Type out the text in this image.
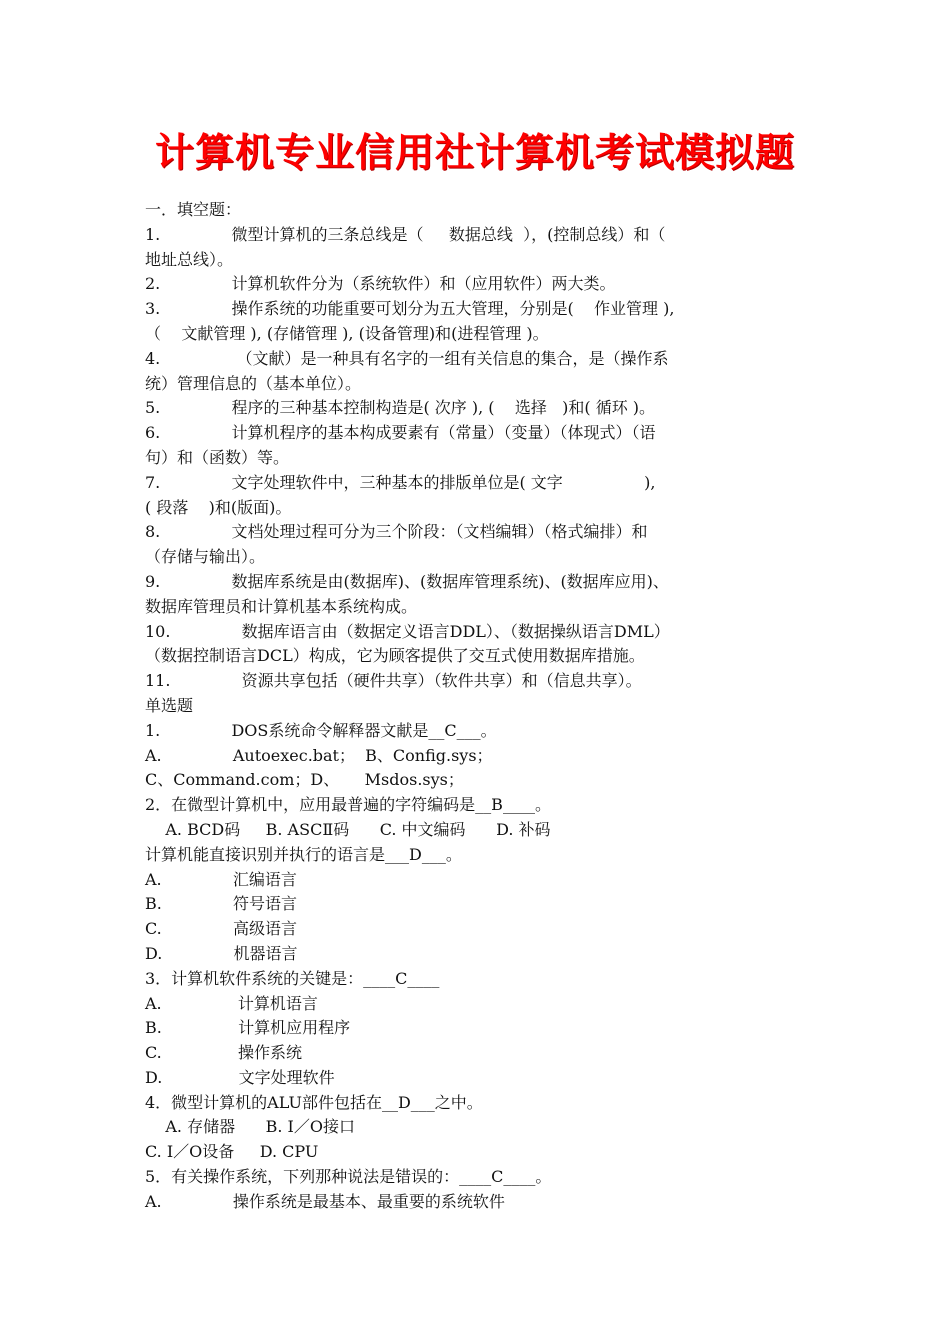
计算机专业信用社计算机考试模拟题
一．填空题：
1.              微型计算机的三条总线是（     数据总线  ），(控制总线）和（
地址总线）。
2.              计算机软件分为（系统软件）和（应用软件）两大类。
3.              操作系统的功能重要可划分为五大管理，分别是(    作业管理 ),
（    文献管理 ), (存储管理 ), (设备管理)和(进程管理 )。
4.               （文献）是一种具有名字的一组有关信息的集合，是（操作系
统）管理信息的（基本单位）。
5.              程序的三种基本控制构造是( 次序 ), (    选择   )和( 循环 )。
6.              计算机程序的基本构成要素有（常量）（变量）（体现式）（语
句）和（函数）等。
7.              文字处理软件中，三种基本的排版单位是( 文字                ),
( 段落    )和(版面)。
8.              文档处理过程可分为三个阶段：（文档编辑）（格式编排）和
（存储与输出）。
9.              数据库系统是由(数据库)、(数据库管理系统)、(数据库应用)、
数据库管理员和计算机基本系统构成。
10.              数据库语言由（数据定义语言DDL）、（数据操纵语言DML）
（数据控制语言DCL）构成，它为顾客提供了交互式使用数据库措施。
11.              资源共享包括（硬件共享）（软件共享）和（信息共享）。
单选题
1.              DOS系统命令解释器文献是__C___。
A.              Autoexec.bat；  B、Config.sys；
C、Command.com；D、     Msdos.sys；
2．在微型计算机中，应用最普遍的字符编码是__B____。
A. BCD码     B. ASCⅡ码      C. 中文编码      D. 补码
计算机能直接识别并执行的语言是___D___。
A.              汇编语言
B.              符号语言
C.              高级语言
D.              机器语言
3．计算机软件系统的关键是：____C____
A.               计算机语言
B.               计算机应用程序
C.               操作系统
D.               文字处理软件
4．微型计算机的ALU部件包括在__D___之中。
A. 存储器      B. I／O接口
C. I／O设备     D. CPU
5．有关操作系统，下列那种说法是错误的：____C____。
A.              操作系统是最基本、最重要的系统软件
